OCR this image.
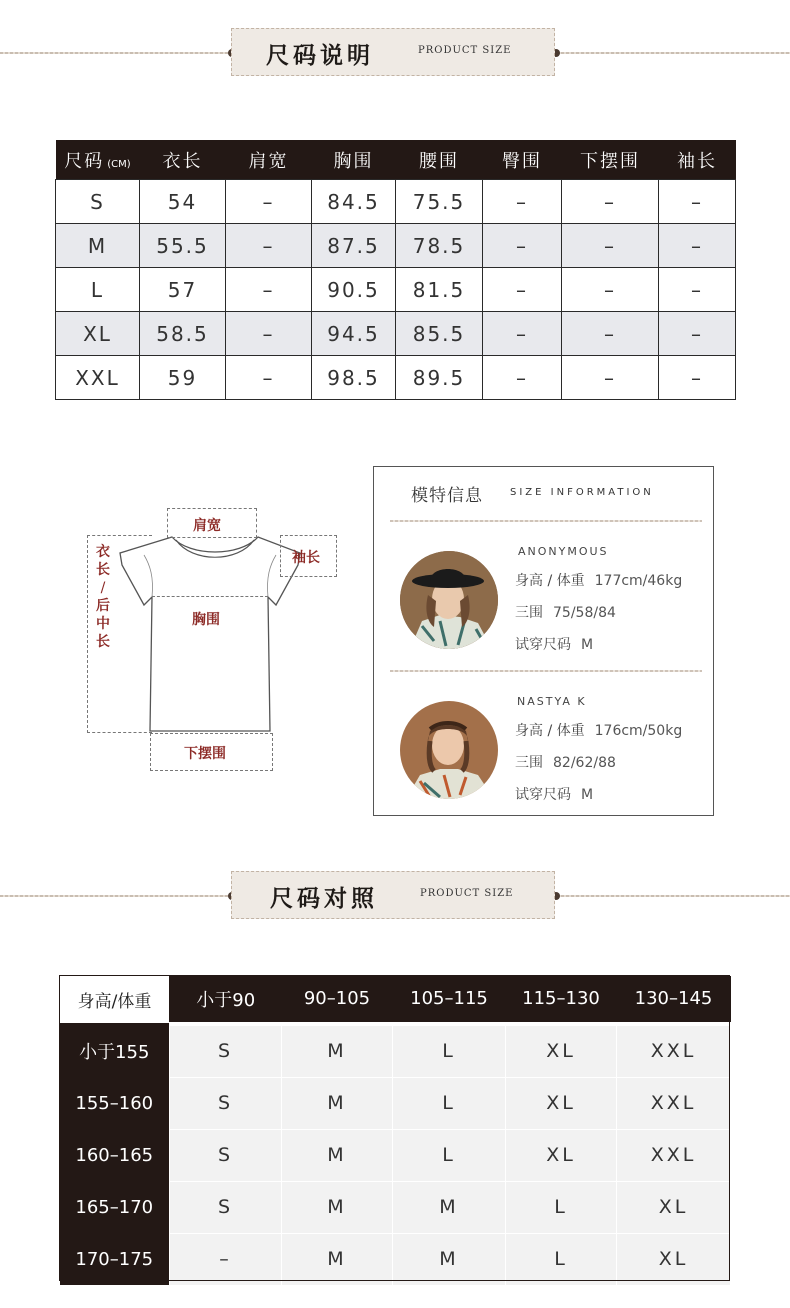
尺码说明	PRODUCT SIZE
尺码 (CM)	衣长	肩宽	胸围	腰围	臀围	下摆围	袖长
S	54	–	84.5	75.5	–	–	–
M	55.5	–	87.5	78.5	–	–	–
L	57	–	90.5	81.5	–	–	–
XL	58.5	–	94.5	85.5	–	–	–
XXL	59	–	98.5	89.5	–	–	–
肩宽
衣
长
/
后
中
长
袖长
胸围
下摆围
模特信息	SIZE INFORMATION
ANONYMOUS
身高 / 体重 177cm/46kg
三围 75/58/84
试穿尺码 M
NASTYA K
身高 / 体重 176cm/50kg
三围 82/62/88
试穿尺码 M
尺码对照	PRODUCT SIZE
身高/体重	小于90	90–105	105–115	115–130	130–145
小于155	S	M	L	XL	XXL
155–160	S	M	L	XL	XXL
160–165	S	M	L	XL	XXL
165–170	S	M	M	L	XL
170–175	–	M	M	L	XL
